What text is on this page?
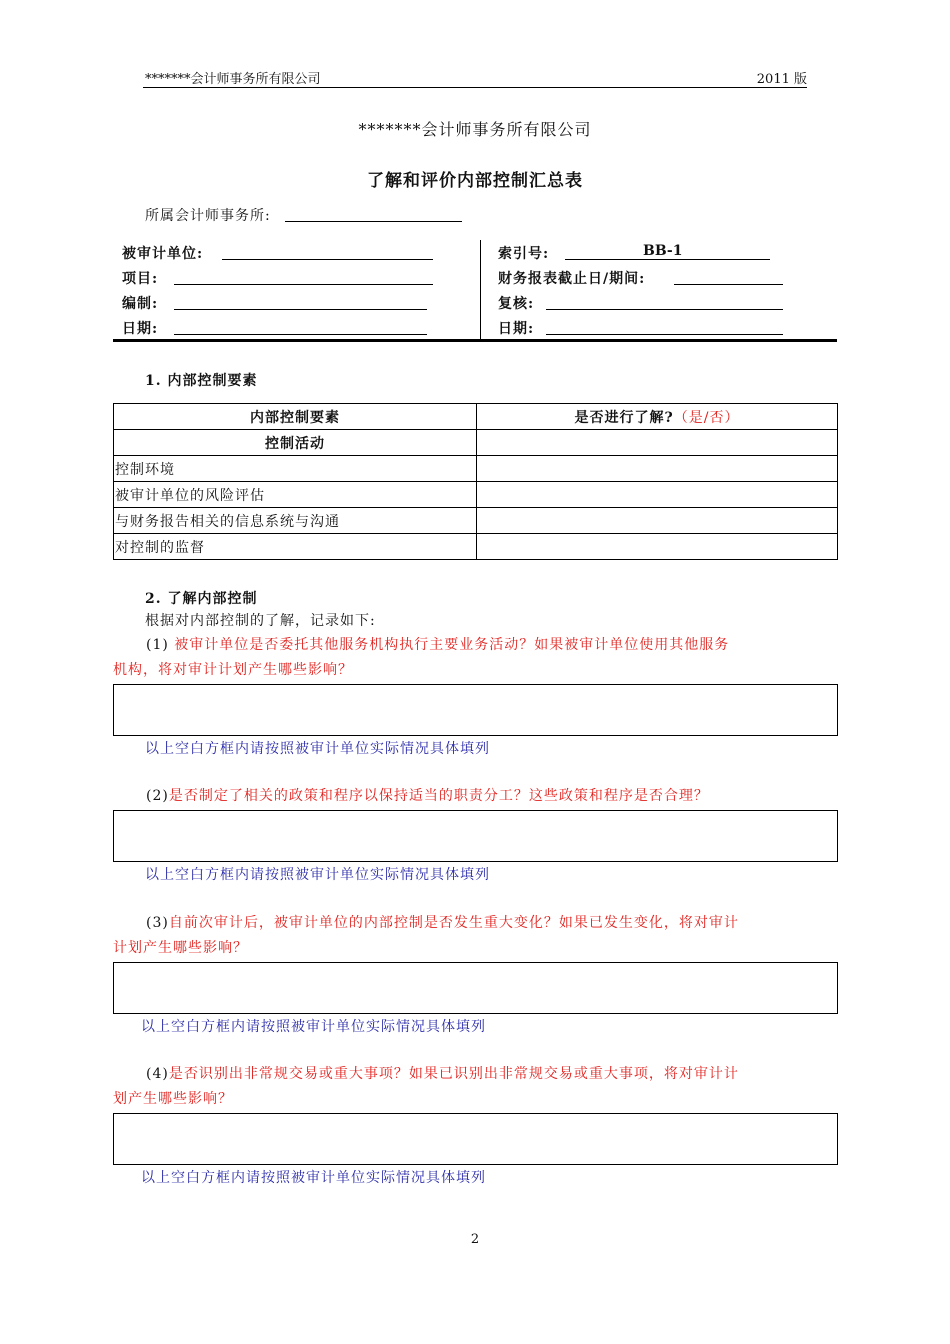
*******会计师事务所有限公司	2011 版
*******会计师事务所有限公司
了解和评价内部控制汇总表
所属会计师事务所:
被审计单位:
项目:
编制:
日期:
索引号:	BB-1
财务报表截止日/期间:
复核:
日期:
1. 内部控制要素
内部控制要素	是否进行了解?（是/否）
控制活动	
控制环境	
被审计单位的风险评估	
与财务报告相关的信息系统与沟通	
对控制的监督	
2. 了解内部控制
根据对内部控制的了解，记录如下:
(1) 被审计单位是否委托其他服务机构执行主要业务活动？如果被审计单位使用其他服务
机构，将对审计计划产生哪些影响？
以上空白方框内请按照被审计单位实际情况具体填列
(2)是否制定了相关的政策和程序以保持适当的职责分工？这些政策和程序是否合理？
以上空白方框内请按照被审计单位实际情况具体填列
(3)自前次审计后，被审计单位的内部控制是否发生重大变化？如果已发生变化，将对审计
计划产生哪些影响？
以上空白方框内请按照被审计单位实际情况具体填列
(4)是否识别出非常规交易或重大事项？如果已识别出非常规交易或重大事项，将对审计计
划产生哪些影响？
以上空白方框内请按照被审计单位实际情况具体填列
2
